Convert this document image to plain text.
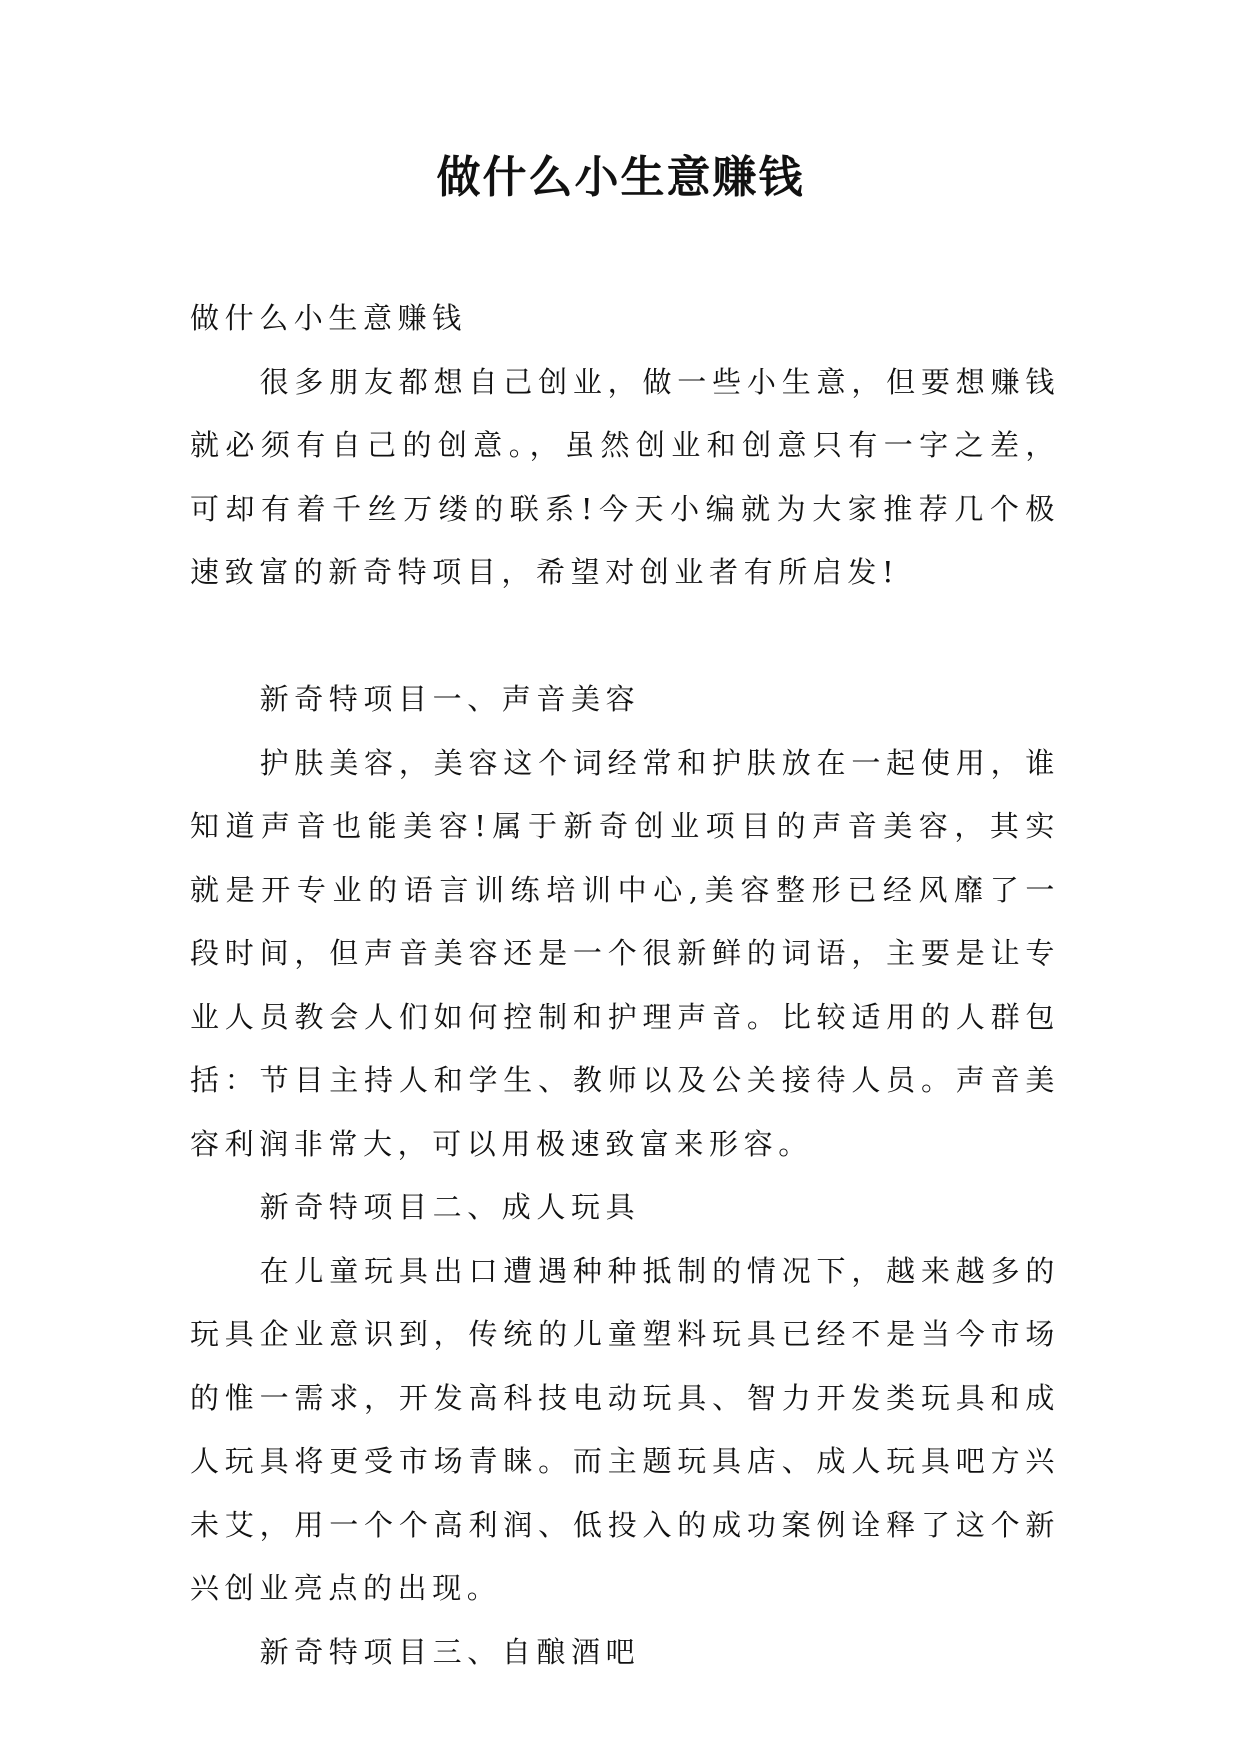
做什么小生意赚钱

做什么小生意赚钱

很多朋友都想自己创业，做一些小生意，但要想赚钱就必须有自己的创意。，虽然创业和创意只有一字之差，可却有着千丝万缕的联系!今天小编就为大家推荐几个极速致富的新奇特项目，希望对创业者有所启发!

新奇特项目一、声音美容

护肤美容，美容这个词经常和护肤放在一起使用，谁知道声音也能美容!属于新奇创业项目的声音美容，其实就是开专业的语言训练培训中心,美容整形已经风靡了一段时间，但声音美容还是一个很新鲜的词语，主要是让专业人员教会人们如何控制和护理声音。比较适用的人群包括：节目主持人和学生、教师以及公关接待人员。声音美容利润非常大，可以用极速致富来形容。

新奇特项目二、成人玩具

在儿童玩具出口遭遇种种抵制的情况下，越来越多的玩具企业意识到，传统的儿童塑料玩具已经不是当今市场的惟一需求，开发高科技电动玩具、智力开发类玩具和成人玩具将更受市场青睐。而主题玩具店、成人玩具吧方兴未艾，用一个个高利润、低投入的成功案例诠释了这个新兴创业亮点的出现。

新奇特项目三、自酿酒吧
